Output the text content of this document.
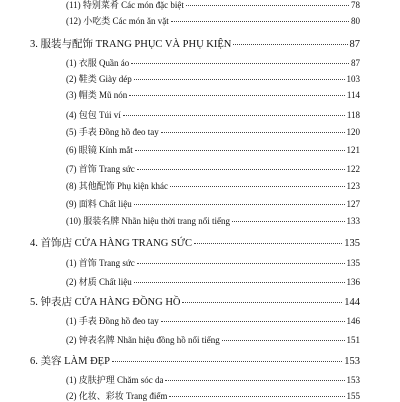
(11) 特别菜肴 Các món đặc biệt	78
(12) 小吃类 Các món ăn vặt	80
3. 服装与配饰 TRANG PHỤC VÀ PHỤ KIỆN	87
(1) 衣服 Quần áo	87
(2) 鞋类 Giày dép	103
(3) 帽类 Mũ nón	114
(4) 包包 Túi ví	118
(5) 手表 Đồng hồ đeo tay	120
(6) 眼镜 Kính mắt	121
(7) 首饰 Trang sức	122
(8) 其他配饰 Phụ kiện khác	123
(9) 面料 Chất liệu	127
(10) 服装名牌 Nhãn hiệu thời trang nổi tiếng	133
4. 首饰店 CỬA HÀNG TRANG SỨC	135
(1) 首饰 Trang sức	135
(2) 材质 Chất liệu	136
5. 钟表店 CỬA HÀNG ĐỒNG HỒ	144
(1) 手表 Đồng hồ đeo tay	146
(2) 钟表名牌 Nhãn hiệu đồng hồ nổi tiếng	151
6. 美容 LÀM ĐẸP	153
(1) 皮肤护理 Chăm sóc da	153
(2) 化妆、彩妆 Trang điểm	155
